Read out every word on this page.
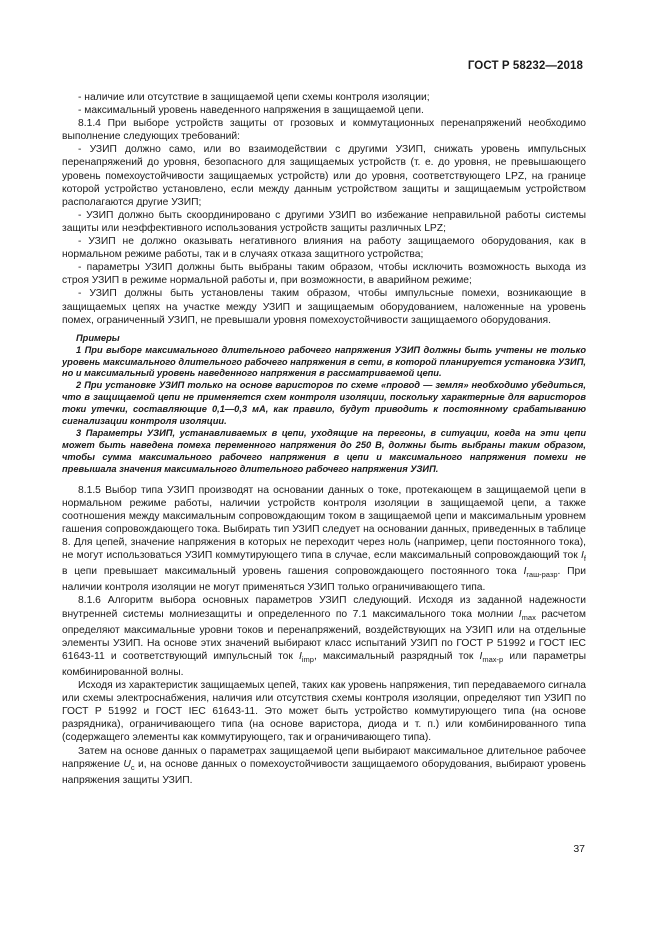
ГОСТ Р 58232—2018

- наличие или отсутствие в защищаемой цепи схемы контроля изоляции;

- максимальный уровень наведенного напряжения в защищаемой цепи.

8.1.4 При выборе устройств защиты от грозовых и коммутационных перенапряжений необходимо выполнение следующих требований:

- УЗИП должно само, или во взаимодействии с другими УЗИП, снижать уровень импульсных перенапряжений до уровня, безопасного для защищаемых устройств (т. е. до уровня, не превышающего уровень помехоустойчивости защищаемых устройств) или до уровня, соответствующего LPZ, на границе которой устройство установлено, если между данным устройством защиты и защищаемым устройством располагаются другие УЗИП;

- УЗИП должно быть скоординировано с другими УЗИП во избежание неправильной работы системы защиты или неэффективного использования устройств защиты различных LPZ;

- УЗИП не должно оказывать негативного влияния на работу защищаемого оборудования, как в нормальном режиме работы, так и в случаях отказа защитного устройства;

- параметры УЗИП должны быть выбраны таким образом, чтобы исключить возможность выхода из строя УЗИП в режиме нормальной работы и, при возможности, в аварийном режиме;

- УЗИП должны быть установлены таким образом, чтобы импульсные помехи, возникающие в защищаемых цепях на участке между УЗИП и защищаемым оборудованием, наложенные на уровень помех, ограниченный УЗИП, не превышали уровня помехоустойчивости защищаемого оборудования.

Примеры

1 При выборе максимального длительного рабочего напряжения УЗИП должны быть учтены не только уровень максимального длительного рабочего напряжения в сети, в которой планируется установка УЗИП, но и максимальный уровень наведенного напряжения в рассматриваемой цепи.

2 При установке УЗИП только на основе варисторов по схеме «провод — земля» необходимо убедиться, что в защищаемой цепи не применяется схем контроля изоляции, поскольку характерные для варисторов токи утечки, составляющие 0,1—0,3 мА, как правило, будут приводить к постоянному срабатыванию сигнализации контроля изоляции.

3 Параметры УЗИП, устанавливаемых в цепи, уходящие на перегоны, в ситуации, когда на эти цепи может быть наведена помеха переменного напряжения до 250 В, должны быть выбраны таким образом, чтобы сумма максимального рабочего напряжения в цепи и максимального напряжения помехи не превышала значения максимального длительного рабочего напряжения УЗИП.

8.1.5 Выбор типа УЗИП производят на основании данных о токе, протекающем в защищаемой цепи в нормальном режиме работы, наличии устройств контроля изоляции в защищаемой цепи, а также соотношения между максимальным сопровождающим током в защищаемой цепи и максимальным уровнем гашения сопровождающего тока. Выбирать тип УЗИП следует на основании данных, приведенных в таблице 8. Для цепей, значение напряжения в которых не переходит через ноль (например, цепи постоянного тока), не могут использоваться УЗИП коммутирующего типа в случае, если максимальный сопровождающий ток $I_f$ в цепи превышает максимальный уровень гашения сопровождающего постоянного тока $I_{гаш-разр}$. При наличии контроля изоляции не могут применяться УЗИП только ограничивающего типа.

8.1.6 Алгоритм выбора основных параметров УЗИП следующий. Исходя из заданной надежности внутренней системы молниезащиты и определенного по 7.1 максимального тока молнии $I_{max}$ расчетом определяют максимальные уровни токов и перенапряжений, воздействующих на УЗИП или на отдельные элементы УЗИП. На основе этих значений выбирают класс испытаний УЗИП по ГОСТ Р 51992 и ГОСТ IEC 61643-11 и соответствующий импульсный ток $I_{imp}$, максимальный разрядный ток $I_{max-p}$ или параметры комбинированной волны.

Исходя из характеристик защищаемых цепей, таких как уровень напряжения, тип передаваемого сигнала или схемы электроснабжения, наличия или отсутствия схемы контроля изоляции, определяют тип УЗИП по ГОСТ Р 51992 и ГОСТ IEC 61643-11. Это может быть устройство коммутирующего типа (на основе разрядника), ограничивающего типа (на основе варистора, диода и т. п.) или комбинированного типа (содержащего элементы как коммутирующего, так и ограничивающего типа).

Затем на основе данных о параметрах защищаемой цепи выбирают максимальное длительное рабочее напряжение $U_c$ и, на основе данных о помехоустойчивости защищаемого оборудования, выбирают уровень напряжения защиты УЗИП.

37
